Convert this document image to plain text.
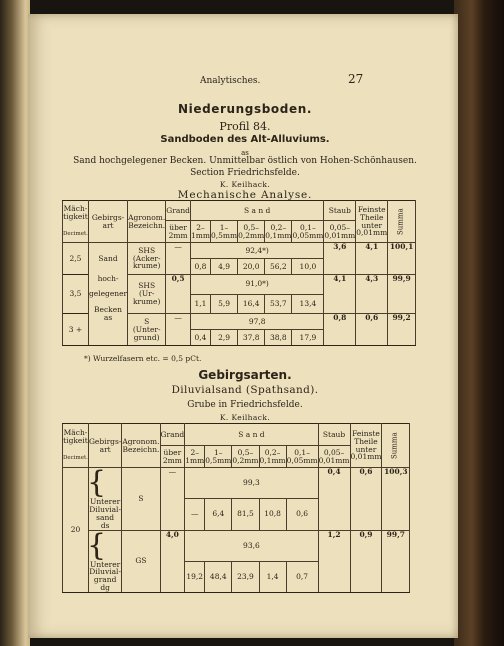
Analytisches.	27
Niederungsboden.
Profil 84.
Sandboden des Alt-Alluviums.
as
Sand hochgelegener Becken. Unmittelbar östlich von Hohen-Schönhausen.
Section Friedrichsfelde.
K. Keilhack.
Mechanische Analyse.
Mäch-tigkeit

Decimet.	Gebirgs-art	Agronom. Bezeichn.	Grand	S a n d					Staub	Feinste Theile
unter 0,01mm	Summa
			über 2mm	2– 1mm	1– 0,5mm	0,5– 0,2mm	0,2– 0,1mm	0,1– 0,05mm	0,05– 0,01mm		
2,5	Sand	SHS
(Acker-
krume)	—	92,4*)					3,6	4,1	100,1
				0,8	4,9	20,0	56,2	10,0			
3,5	hoch-

gelegener

Becken	SHS
(Ur-
krume)	0,5	91,0*)					4,1	4,3	99,9
				1,1	5,9	16,4	53,7	13,4			
3 +	as	S
(Unter-
grund)	—	97,8					0,8	0,6	99,2
				0,4	2,9	37,8	38,8	17,9			
*) Wurzelfasern etc. = 0,5 pCt.
Gebirgsarten.
Diluvialsand (Spathsand).
Grube in Friedrichsfelde.
K. Keilhack.
Mäch-tigkeit

Decimet.	Gebirgs-art	Agronom. Bezeichn.	Grand	S a n d					Staub	Feinste Theile
unter 0,01mm	Summa
			über 2mm	2– 1mm	1– 0,5mm	0,5– 0,2mm	0,2– 0,1mm	0,1– 0,05mm	0,05– 0,01mm		
20	{
Unterer
Diluvial-
sand
ds	S	—	99,3					0,4	0,6	100,3
				—	6,4	81,5	10,8	0,6			

	{
Unterer
Diluvial-
grand
dg	GS	4,0	93,6					1,2	0,9	99,7
				19,2	48,4	23,9	1,4	0,7			
